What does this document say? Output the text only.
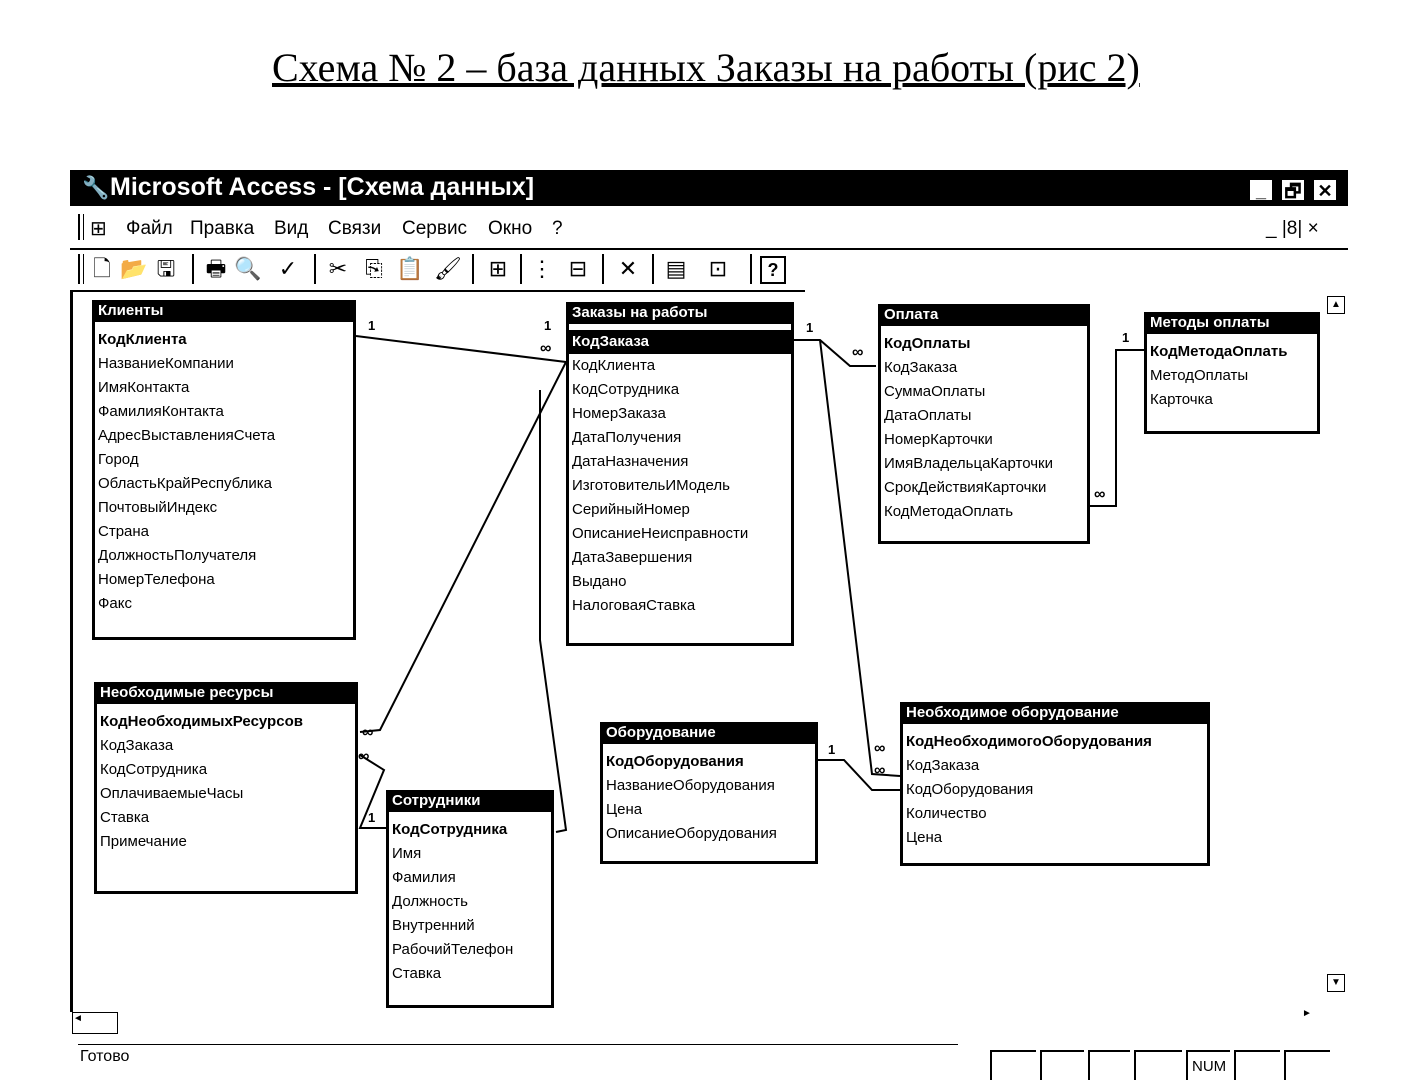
Схема № 2 – база данных Заказы на работы (рис 2)
🔧 Microsoft Access - [Схема данных]	_	🗗 ✕
⊞ Файл Правка Вид Связи Сервис Окно ?	_ |8| ×
🗋 📂 🖫 🖶 🔍 ✓ ✂ ⎘ 📋 🖌 ⊞ ⋮ ⊟ ✕ ▤ ⊡	?
▲
▼
1
∞
1	1
∞
1
∞
∞
∞
1
1 ∞
∞
Клиенты
КодКлиента
НазваниеКомпании
ИмяКонтакта
ФамилияКонтакта
АдресВыставленияСчета
Город
ОбластьКрайРеспублика
ПочтовыйИндекс
Страна
ДолжностьПолучателя
НомерТелефона
Факс
Заказы на работы
КодЗаказа
КодКлиента
КодСотрудника
НомерЗаказа
ДатаПолучения
ДатаНазначения
ИзготовительИМодель
СерийныйНомер
ОписаниеНеисправности
ДатаЗавершения
Выдано
НалоговаяСтавка
Оплата
КодОплаты
КодЗаказа
СуммаОплаты
ДатаОплаты
НомерКарточки
ИмяВладельцаКарточки
СрокДействияКарточки
КодМетодаОплать
Методы оплаты
КодМетодаОплать
МетодОплаты
Карточка
Необходимые ресурсы
КодНеобходимыхРесурсов
КодЗаказа
КодСотрудника
ОплачиваемыеЧасы
Ставка
Примечание
Сотрудники
КодСотрудника
Имя
Фамилия
Должность
Внутренний
РабочийТелефон
Ставка
Оборудование
КодОборудования
НазваниеОборудования
Цена
ОписаниеОборудования
Необходимое оборудование
КодНеобходимогоОборудования
КодЗаказа
КодОборудования
Количество
Цена
◄	►
Готово
NUM
